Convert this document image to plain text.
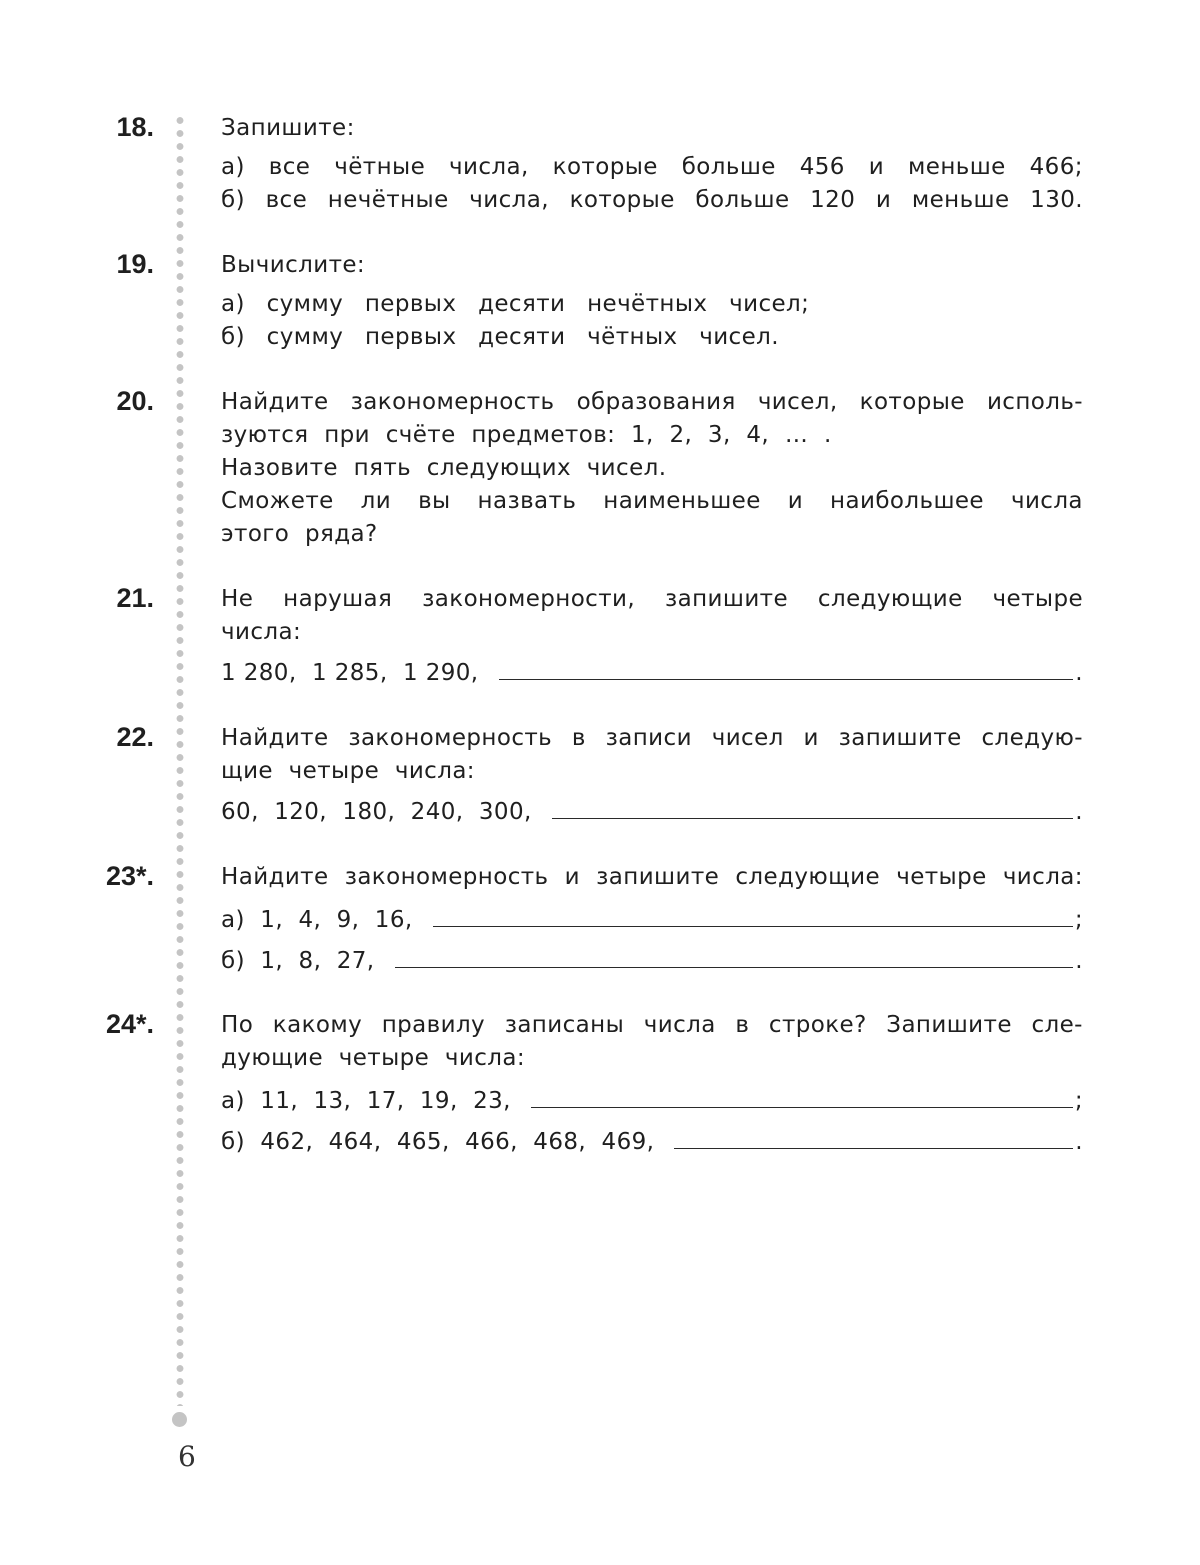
18.	Запишите:
а) все чётные числа, которые больше 456 и меньше 466;
б) все нечётные числа, которые больше 120 и меньше 130.
19.	Вычислите:
а) сумму первых десяти нечётных чисел;
б) сумму первых десяти чётных чисел.
20.	Найдите закономерность образования чисел, которые исполь-
зуются при счёте предметов: 1, 2, 3, 4, … .
Назовите пять следующих чисел.
Сможете ли вы назвать наименьшее и наибольшее числа
этого ряда?
21.	Не нарушая закономерности, запишите следующие четыре
числа:
1 280,  1 285,  1 290,	.
22.	Найдите закономерность в записи чисел и запишите следую-
щие четыре числа:
60,  120,  180,  240,  300,	.
23*.	Найдите закономерность и запишите следующие четыре числа:
а)  1,  4,  9,  16,	;
б)  1,  8,  27,	.
24*.	По какому правилу записаны числа в строке? Запишите сле-
дующие четыре числа:
а)  11,  13,  17,  19,  23,	;
б)  462,  464,  465,  466,  468,  469,	.
6
